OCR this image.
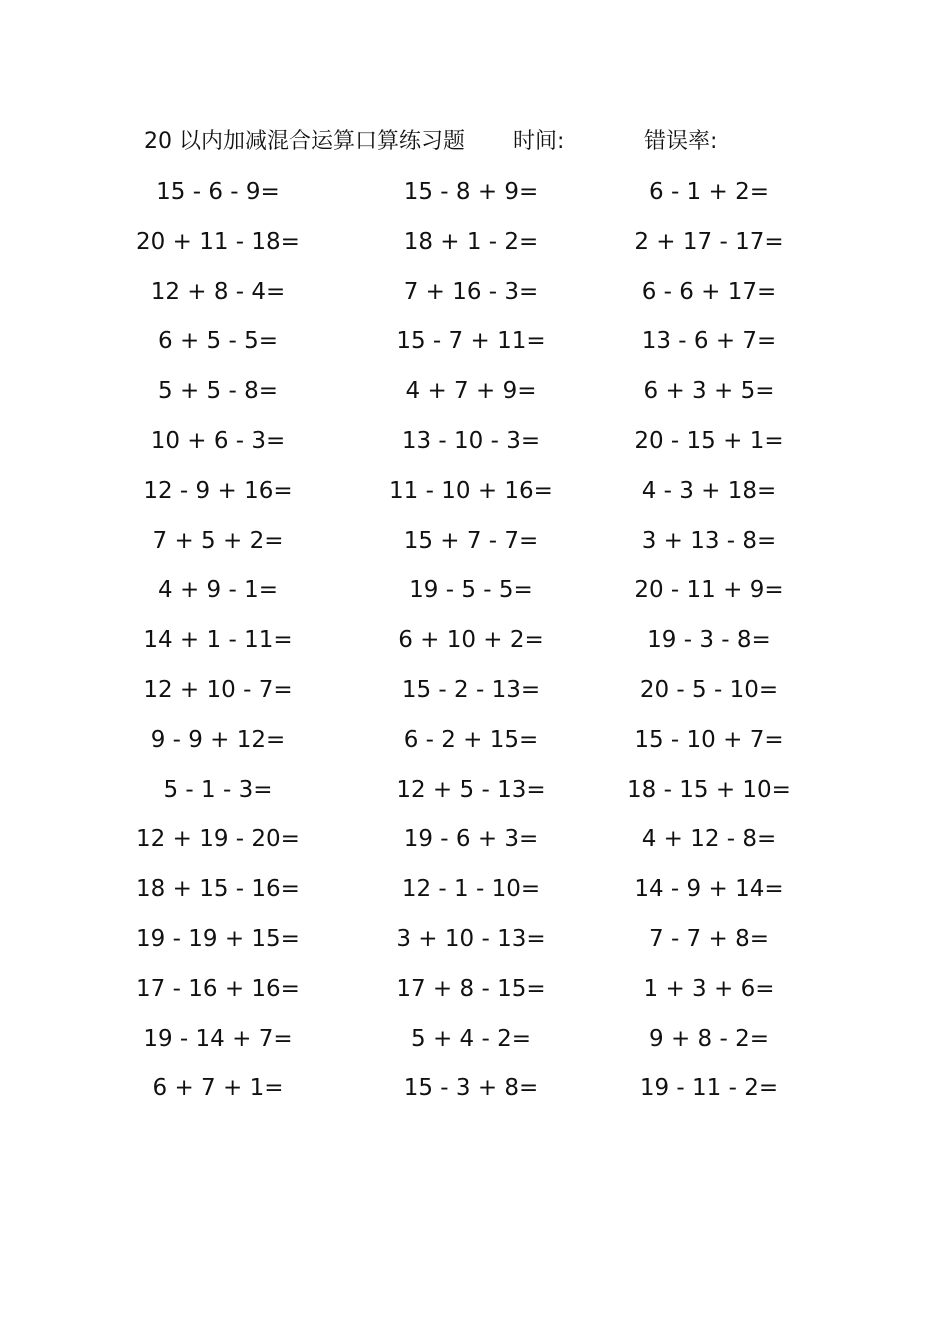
20 以内加减混合运算口算练习题 时间:	错误率:
15 - 6 - 9=	15 - 8 + 9=	6 - 1 + 2=
20 + 11 - 18=	18 + 1 - 2=	2 + 17 - 17=
12 + 8 - 4=	7 + 16 - 3=	6 - 6 + 17=
6 + 5 - 5=	15 - 7 + 11=	13 - 6 + 7=
5 + 5 - 8=	4 + 7 + 9=	6 + 3 + 5=
10 + 6 - 3=	13 - 10 - 3=	20 - 15 + 1=
12 - 9 + 16=	11 - 10 + 16=	4 - 3 + 18=
7 + 5 + 2=	15 + 7 - 7=	3 + 13 - 8=
4 + 9 - 1=	19 - 5 - 5=	20 - 11 + 9=
14 + 1 - 11=	6 + 10 + 2=	19 - 3 - 8=
12 + 10 - 7=	15 - 2 - 13=	20 - 5 - 10=
9 - 9 + 12=	6 - 2 + 15=	15 - 10 + 7=
5 - 1 - 3=	12 + 5 - 13=	18 - 15 + 10=
12 + 19 - 20=	19 - 6 + 3=	4 + 12 - 8=
18 + 15 - 16=	12 - 1 - 10=	14 - 9 + 14=
19 - 19 + 15=	3 + 10 - 13=	7 - 7 + 8=
17 - 16 + 16=	17 + 8 - 15=	1 + 3 + 6=
19 - 14 + 7=	5 + 4 - 2=	9 + 8 - 2=
6 + 7 + 1=	15 - 3 + 8=	19 - 11 - 2=
